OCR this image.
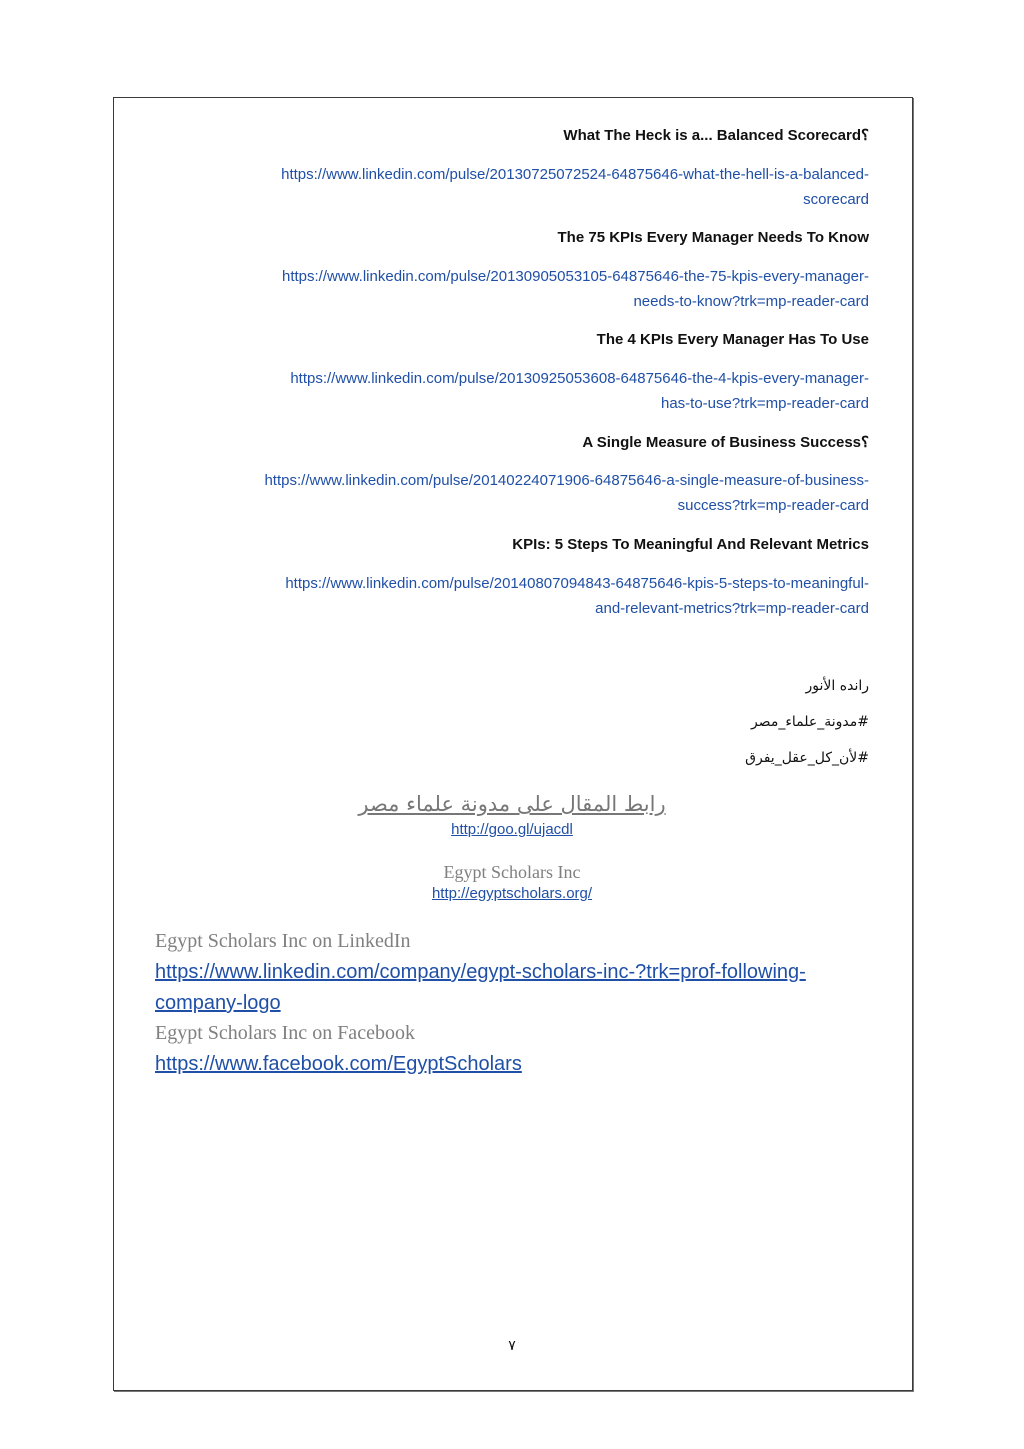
What The Heck is a... Balanced Scorecard؟
https://www.linkedin.com/pulse/20130725072524-64875646-what-the-hell-is-a-balanced-
scorecard
The 75 KPIs Every Manager Needs To Know
https://www.linkedin.com/pulse/20130905053105-64875646-the-75-kpis-every-manager-
needs-to-know?trk=mp-reader-card
The 4 KPIs Every Manager Has To Use
https://www.linkedin.com/pulse/20130925053608-64875646-the-4-kpis-every-manager-
has-to-use?trk=mp-reader-card
A Single Measure of Business Success؟
https://www.linkedin.com/pulse/20140224071906-64875646-a-single-measure-of-business-
success?trk=mp-reader-card
KPIs: 5 Steps To Meaningful And Relevant Metrics
https://www.linkedin.com/pulse/20140807094843-64875646-kpis-5-steps-to-meaningful-
and-relevant-metrics?trk=mp-reader-card
رانده الأنور
#مدونة_علماء_مصر
#لأن_كل_عقل_يفرق
رابط المقال على مدونة علماء مصر
http://goo.gl/ujacdl
Egypt Scholars Inc
http://egyptscholars.org/
Egypt Scholars Inc on LinkedIn
https://www.linkedin.com/company/egypt-scholars-inc-?trk=prof-following-
company-logo
Egypt Scholars Inc on Facebook
https://www.facebook.com/EgyptScholars
٧
